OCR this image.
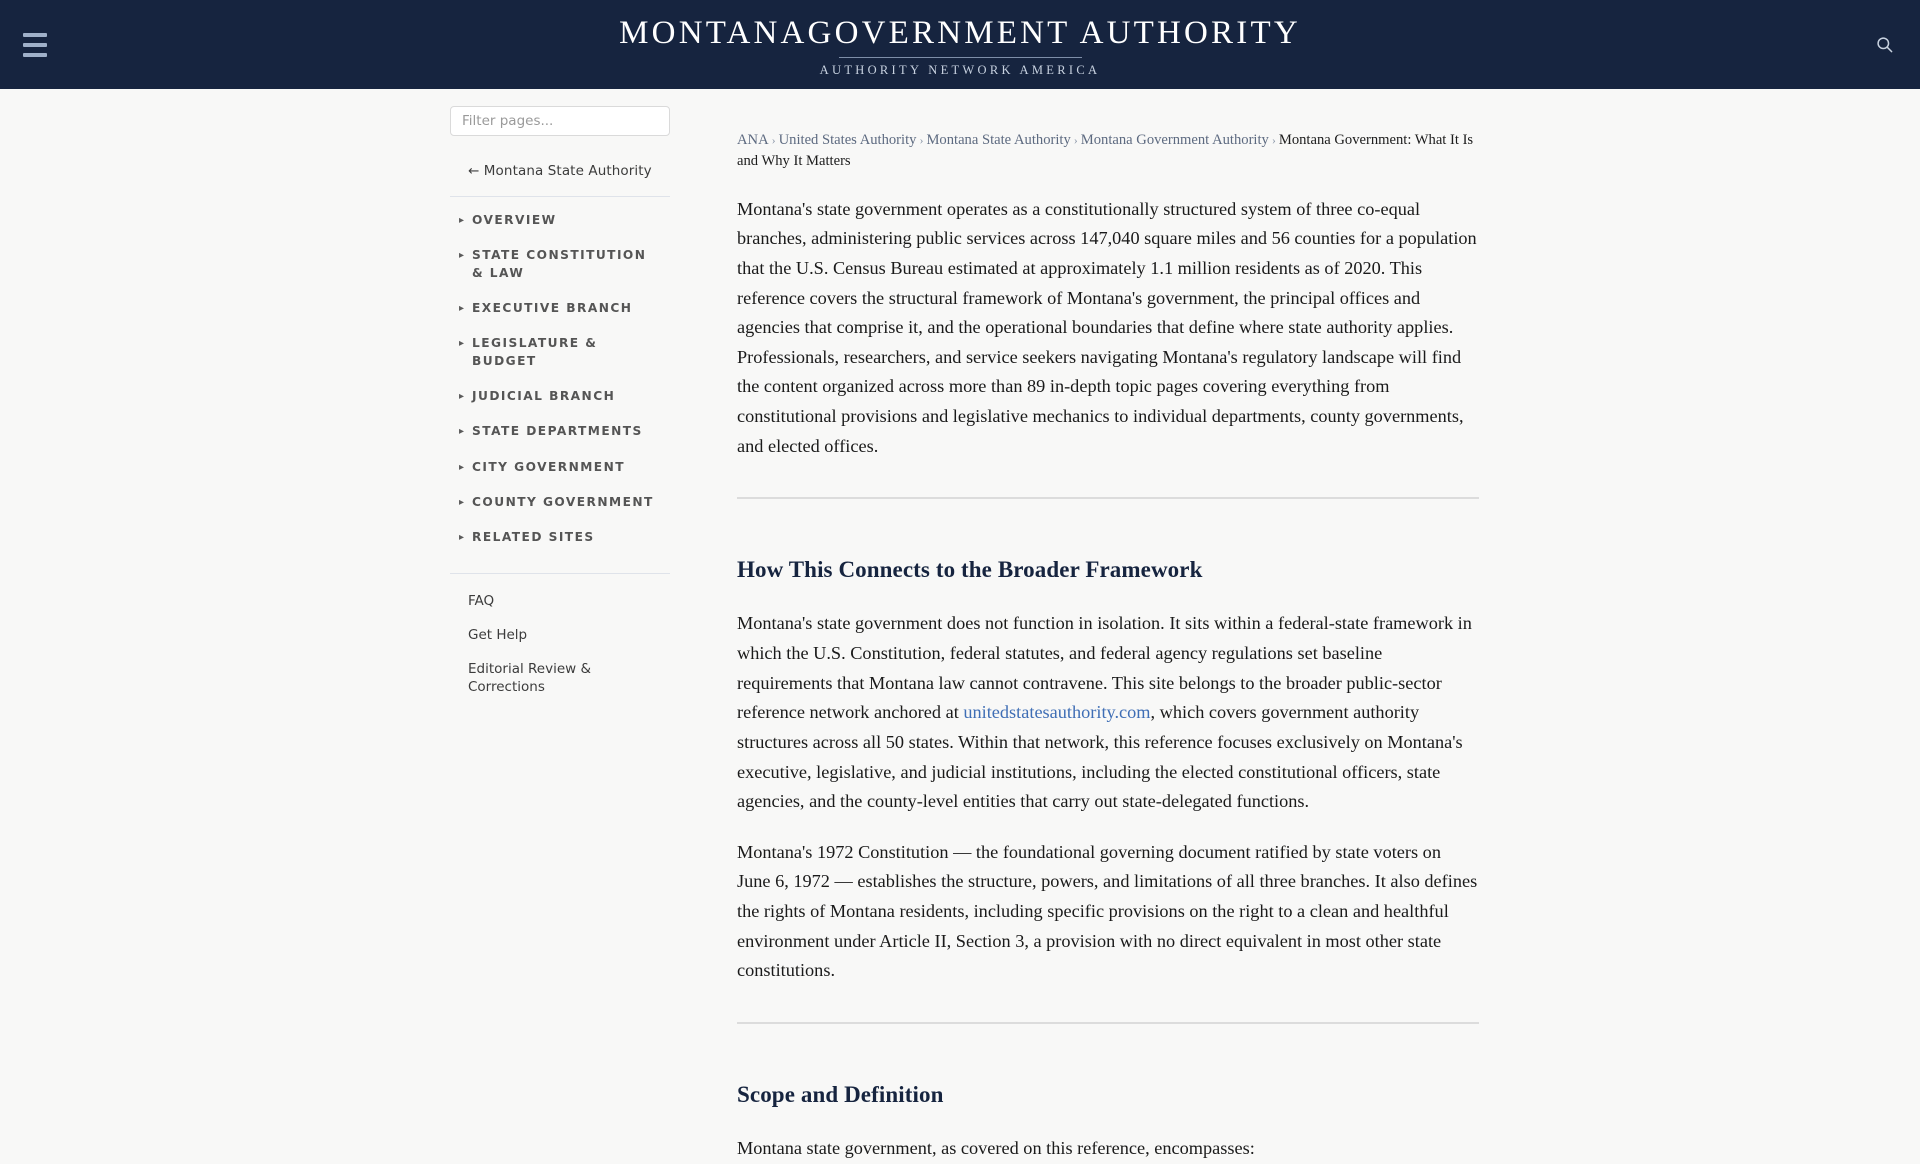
MONTANAGOVERNMENT AUTHORITY
AUTHORITY NETWORK AMERICA
Filter pages...
← Montana State Authority
▸ OVERVIEW
▸ STATE CONSTITUTION & LAW
▸ EXECUTIVE BRANCH
▸ LEGISLATURE & BUDGET
▸ JUDICIAL BRANCH
▸ STATE DEPARTMENTS
▸ CITY GOVERNMENT
▸ COUNTY GOVERNMENT
▸ RELATED SITES
FAQ
Get Help
Editorial Review & Corrections
ANA › United States Authority › Montana State Authority › Montana Government Authority › Montana Government: What It Is and Why It Matters

Montana's state government operates as a constitutionally structured system of three co-equal branches, administering public services across 147,040 square miles and 56 counties for a population that the U.S. Census Bureau estimated at approximately 1.1 million residents as of 2020. This reference covers the structural framework of Montana's government, the principal offices and agencies that comprise it, and the operational boundaries that define where state authority applies. Professionals, researchers, and service seekers navigating Montana's regulatory landscape will find the content organized across more than 89 in-depth topic pages covering everything from constitutional provisions and legislative mechanics to individual departments, county governments, and elected offices.

How This Connects to the Broader Framework

Montana's state government does not function in isolation. It sits within a federal-state framework in which the U.S. Constitution, federal statutes, and federal agency regulations set baseline requirements that Montana law cannot contravene. This site belongs to the broader public-sector reference network anchored at unitedstatesauthority.com, which covers government authority structures across all 50 states. Within that network, this reference focuses exclusively on Montana's executive, legislative, and judicial institutions, including the elected constitutional officers, state agencies, and the county-level entities that carry out state-delegated functions.

Montana's 1972 Constitution — the foundational governing document ratified by state voters on June 6, 1972 — establishes the structure, powers, and limitations of all three branches. It also defines the rights of Montana residents, including specific provisions on the right to a clean and healthful environment under Article II, Section 3, a provision with no direct equivalent in most other state constitutions.

Scope and Definition

Montana state government, as covered on this reference, encompasses:
